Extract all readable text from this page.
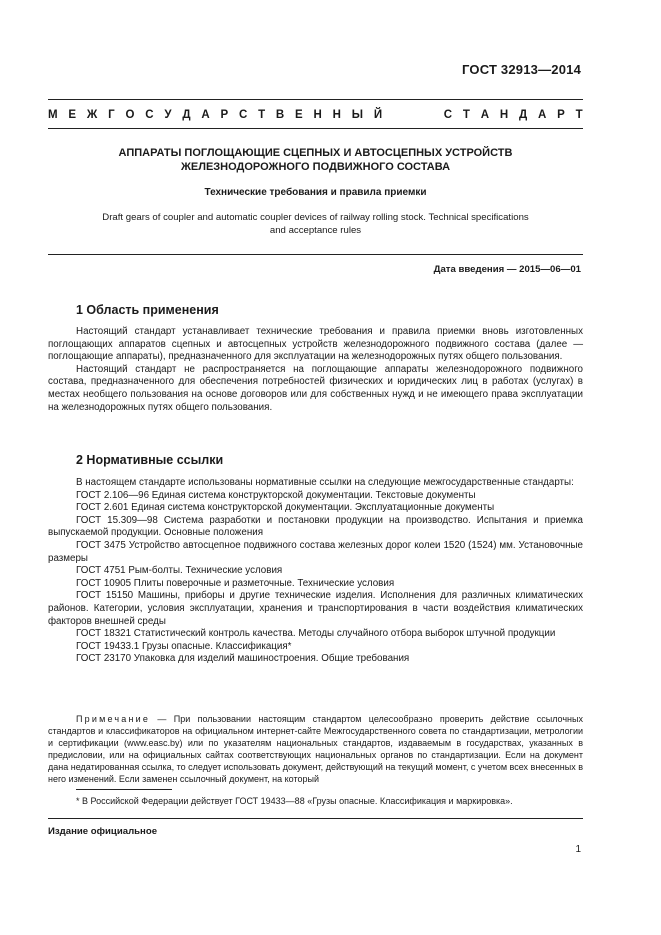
ГОСТ 32913—2014
М Е Ж Г О С У Д А Р С Т В Е Н Н Ы Й	С Т А Н Д А Р Т
АППАРАТЫ ПОГЛОЩАЮЩИЕ СЦЕПНЫХ И АВТОСЦЕПНЫХ УСТРОЙСТВ
ЖЕЛЕЗНОДОРОЖНОГО ПОДВИЖНОГО СОСТАВА
Технические требования и правила приемки
Draft gears of coupler and automatic coupler devices of railway rolling stock. Technical specifications
and acceptance rules
Дата введения — 2015—06—01
1 Область применения

Настоящий стандарт устанавливает технические требования и правила приемки вновь изготовленных поглощающих аппаратов сцепных и автосцепных устройств железнодорожного подвижного состава (далее — поглощающие аппараты), предназначенного для эксплуатации на железнодорожных путях общего пользования.

Настоящий стандарт не распространяется на поглощающие аппараты железнодорожного подвижного состава, предназначенного для обеспечения потребностей физических и юридических лиц в работах (услугах) в местах необщего пользования на основе договоров или для собственных нужд и не имеющего права эксплуатации на железнодорожных путях общего пользования.

2 Нормативные ссылки
В настоящем стандарте использованы нормативные ссылки на следующие межгосударственные стандарты:
ГОСТ 2.106—96 Единая система конструкторской документации. Текстовые документы
ГОСТ 2.601 Единая система конструкторской документации. Эксплуатационные документы
ГОСТ 15.309—98 Система разработки и постановки продукции на производство. Испытания и приемка выпускаемой продукции. Основные положения
ГОСТ 3475 Устройство автосцепное подвижного состава железных дорог колеи 1520 (1524) мм. Установочные размеры
ГОСТ 4751 Рым-болты. Технические условия
ГОСТ 10905 Плиты поверочные и разметочные. Технические условия
ГОСТ 15150 Машины, приборы и другие технические изделия. Исполнения для различных климатических районов. Категории, условия эксплуатации, хранения и транспортирования в части воздействия климатических факторов внешней среды
ГОСТ 18321 Статистический контроль качества. Методы случайного отбора выборок штучной продукции
ГОСТ 19433.1 Грузы опасные. Классификация*
ГОСТ 23170 Упаковка для изделий машиностроения. Общие требования
Примечание — При пользовании настоящим стандартом целесообразно проверить действие ссылочных стандартов и классификаторов на официальном интернет-сайте Межгосударственного совета по стандартизации, метрологии и сертификации (www.easc.by) или по указателям национальных стандартов, издаваемым в государствах, указанных в предисловии, или на официальных сайтах соответствующих национальных органов по стандартизации. Если на документ дана недатированная ссылка, то следует использовать документ, действующий на текущий момент, с учетом всех внесенных в него изменений. Если заменен ссылочный документ, на который
* В Российской Федерации действует ГОСТ 19433—88 «Грузы опасные. Классификация и маркировка».
Издание официальное
1
